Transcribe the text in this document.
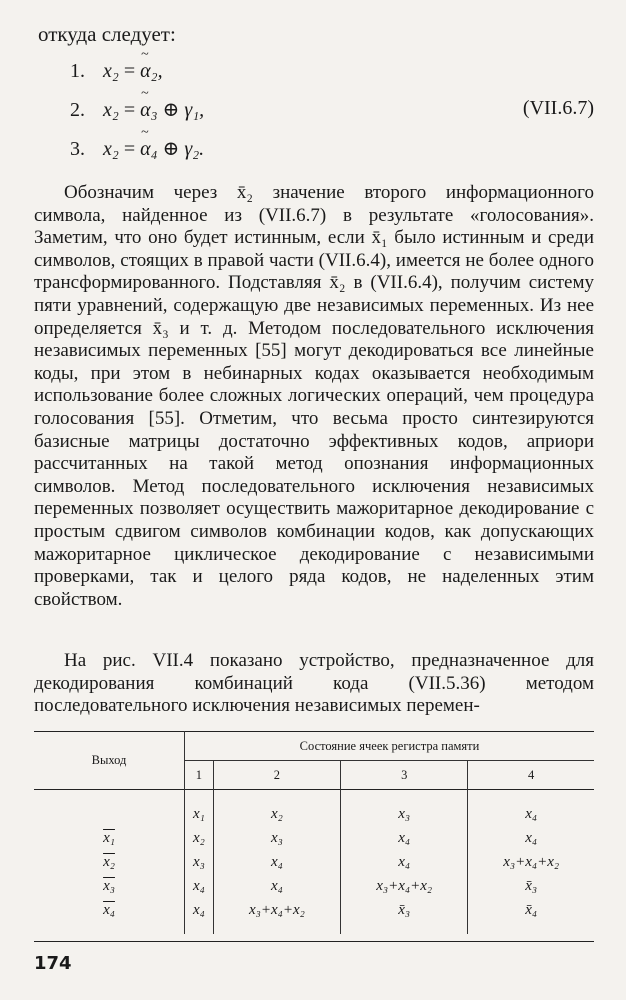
откуда следует:
1. x₂ = ~ α₂,
2. x₂ = ~ α₃ ⊕ γ₁,
3. x₂ = ~ α₄ ⊕ γ₂.
(VII.6.7)

Обозначим через x̄₂ значение второго информационного символа, найденное из (VII.6.7) в результате «голосования». Заметим, что оно будет истинным, если x̄₁ было истинным и среди символов, стоящих в правой части (VII.6.4), имеется не более одного трансформированного. Подставляя x̄₂ в (VII.6.4), получим систему пяти уравнений, содержащую две независимых переменных. Из нее определяется x̄₃ и т. д. Методом последовательного исключения независимых переменных [55] могут декодироваться все линейные коды, при этом в небинарных кодах оказывается необходимым использование более сложных логических операций, чем процедура голосования [55]. Отметим, что весьма просто синтезируются базисные матрицы достаточно эффективных кодов, априори рассчитанных на такой метод опознания информационных символов. Метод последовательного исключения независимых переменных позволяет осуществить мажоритарное декодирование с простым сдвигом символов комбинации кодов, как допускающих мажоритарное циклическое декодирование с независимыми проверками, так и целого ряда кодов, не наделенных этим свойством.

На рис. VII.4 показано устройство, предназначенное для декодирования комбинаций кода (VII.5.36) методом последовательного исключения независимых перемен-

Выход	Состояние ячеек регистра памяти			
	1	2	3	4

	x₁	x₂	x₃	x₄
x₁	x₂	x₃	x₄	x₄
x₂	x₃	x₄	x₄	x₃+x₄+x₂
x₃	x₄	x₄	x₃+x₄+x₂	x̄₃
x₄	x₄	x₃+x₄+x₂	x̄₃	x̄₄

174
